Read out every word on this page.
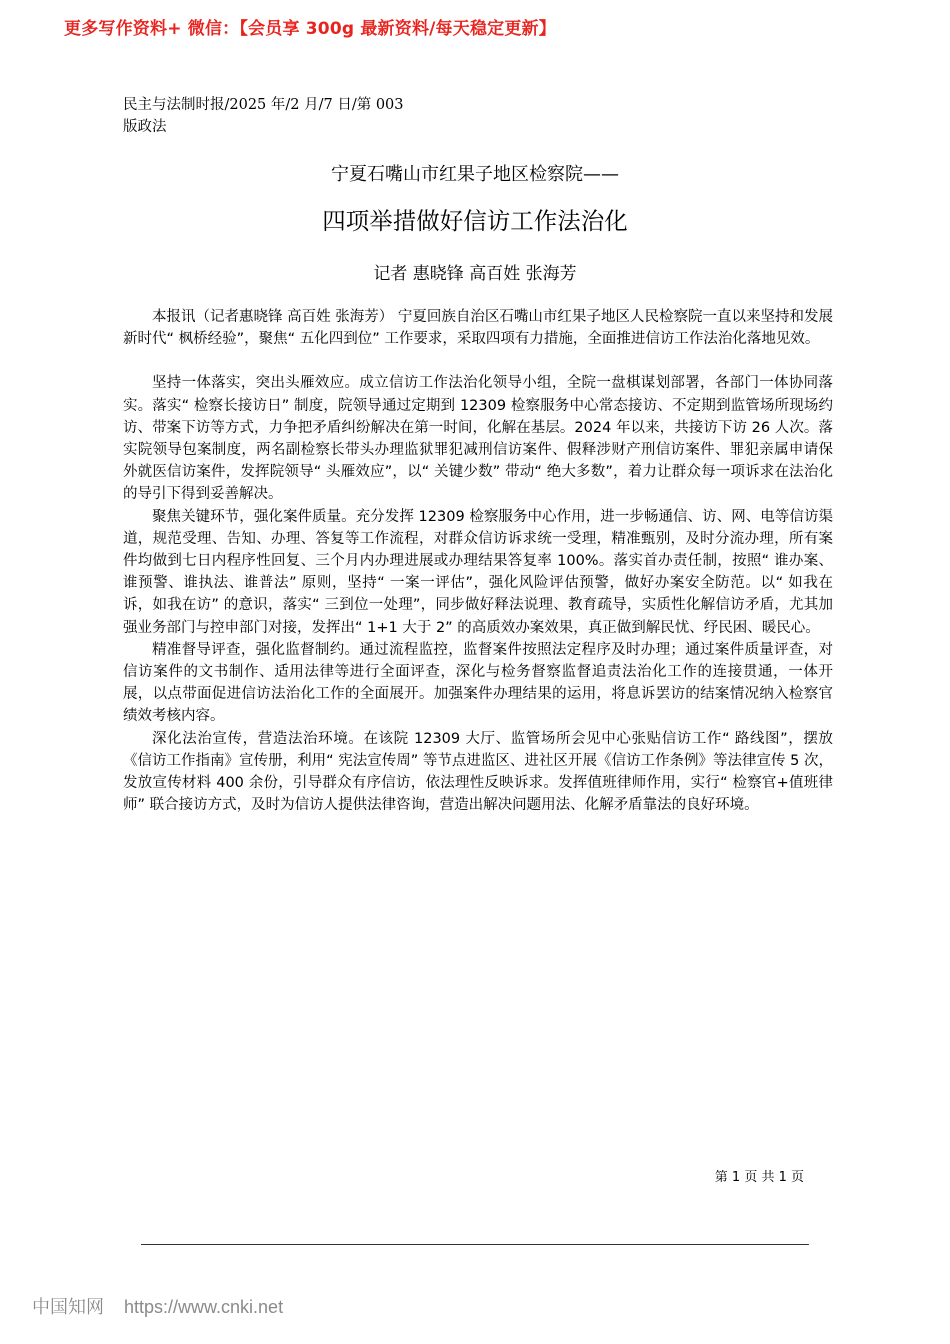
更多写作资料+ 微信：【会员享 300g 最新资料/每天稳定更新】
民主与法制时报/2025 年/2 月/7 日/第 003
版政法
宁夏石嘴山市红果子地区检察院——
四项举措做好信访工作法治化
记者 惠晓锋 高百姓 张海芳

本报讯（记者惠晓锋 高百姓 张海芳） 宁夏回族自治区石嘴山市红果子地区人民检察院一直以来坚持和发展新时代“ 枫桥经验”，聚焦“ 五化四到位” 工作要求，采取四项有力措施，全面推进信访工作法治化落地见效。

坚持一体落实，突出头雁效应。成立信访工作法治化领导小组，全院一盘棋谋划部署，各部门一体协同落实。落实“ 检察长接访日” 制度，院领导通过定期到 12309 检察服务中心常态接访、不定期到监管场所现场约访、带案下访等方式，力争把矛盾纠纷解决在第一时间，化解在基层。2024 年以来，共接访下访 26 人次。落实院领导包案制度，两名副检察长带头办理监狱罪犯减刑信访案件、假释涉财产刑信访案件、罪犯亲属申请保外就医信访案件，发挥院领导“ 头雁效应”，以“ 关键少数” 带动“ 绝大多数”，着力让群众每一项诉求在法治化的导引下得到妥善解决。

聚焦关键环节，强化案件质量。充分发挥 12309 检察服务中心作用，进一步畅通信、访、网、电等信访渠道，规范受理、告知、办理、答复等工作流程，对群众信访诉求统一受理，精准甄别，及时分流办理，所有案件均做到七日内程序性回复、三个月内办理进展或办理结果答复率 100%。落实首办责任制，按照“ 谁办案、谁预警、谁执法、谁普法” 原则，坚持“ 一案一评估”，强化风险评估预警，做好办案安全防范。以“ 如我在诉，如我在访” 的意识，落实“ 三到位一处理”，同步做好释法说理、教育疏导，实质性化解信访矛盾，尤其加强业务部门与控申部门对接，发挥出“ 1+1 大于 2” 的高质效办案效果，真正做到解民忧、纾民困、暖民心。

精准督导评查，强化监督制约。通过流程监控，监督案件按照法定程序及时办理；通过案件质量评查，对信访案件的文书制作、适用法律等进行全面评查，深化与检务督察监督追责法治化工作的连接贯通，一体开展，以点带面促进信访法治化工作的全面展开。加强案件办理结果的运用，将息诉罢访的结案情况纳入检察官绩效考核内容。

深化法治宣传，营造法治环境。在该院 12309 大厅、监管场所会见中心张贴信访工作“ 路线图”，摆放《信访工作指南》宣传册，利用“ 宪法宣传周” 等节点进监区、进社区开展《信访工作条例》等法律宣传 5 次，发放宣传材料 400 余份，引导群众有序信访，依法理性反映诉求。发挥值班律师作用，实行“ 检察官+值班律师” 联合接访方式，及时为信访人提供法律咨询，营造出解决问题用法、化解矛盾靠法的良好环境。

第 1 页 共 1 页
中国知网 https://www.cnki.net
